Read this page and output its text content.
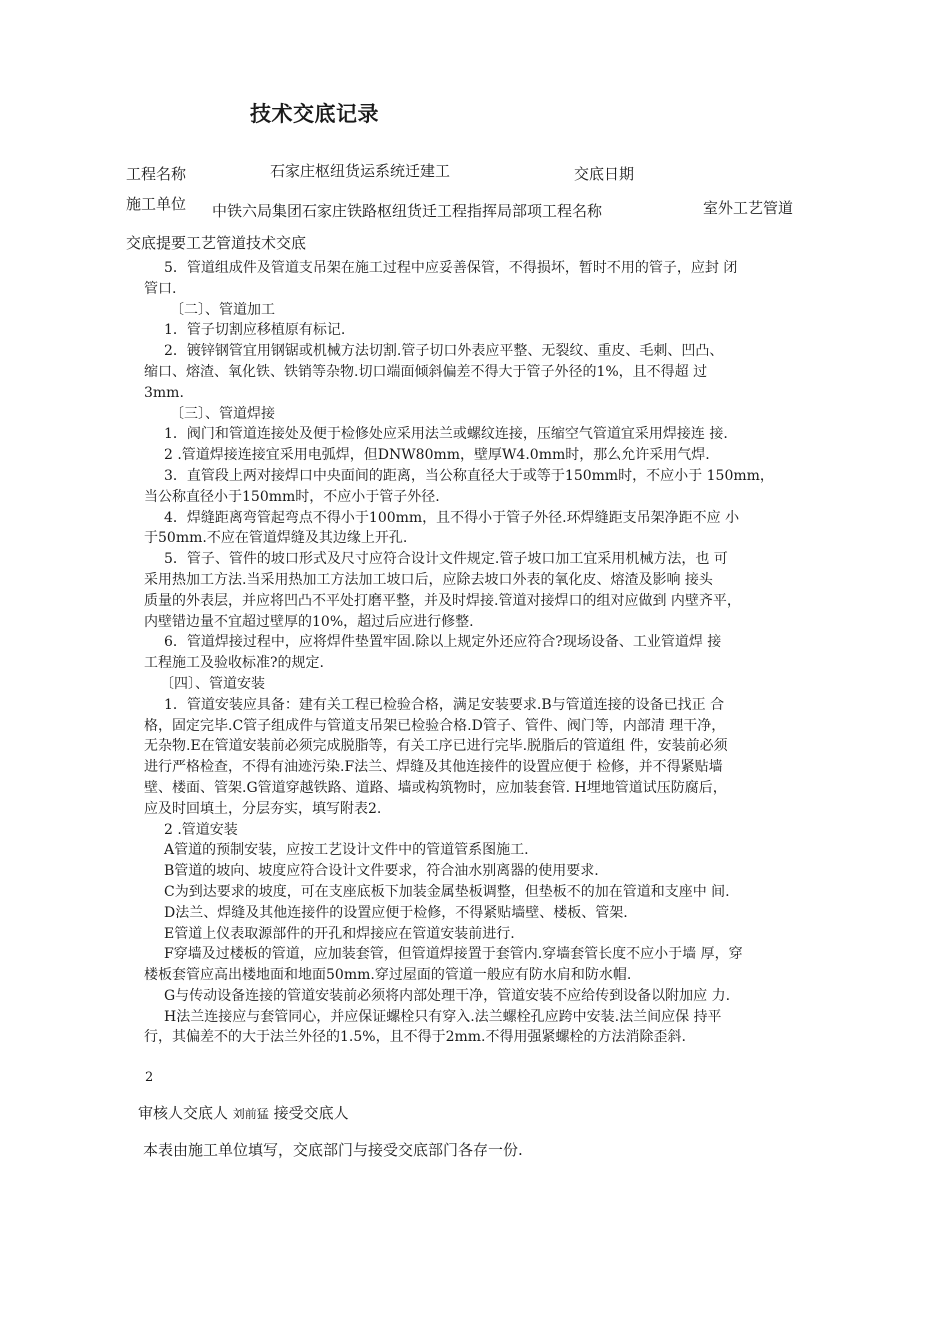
技术交底记录
工程名称	石家庄枢纽货运系统迁建工	交底日期
施工单位 中铁六局集团石家庄铁路枢纽货迁工程指挥局部项工程名称	室外工艺管道
交底提要工艺管道技术交底

5．管道组成件及管道支吊架在施工过程中应妥善保管，不得损坏，暂时不用的管子，应封 闭

管口.

〔二〕、管道加工

1．管子切割应移植原有标记.

2．镀锌钢管宜用钢锯或机械方法切割.管子切口外表应平整、无裂纹、重皮、毛刺、凹凸、

缩口、熔渣、氧化铁、铁销等杂物.切口端面倾斜偏差不得大于管子外径的1%，且不得超 过

3mm.

〔三〕、管道焊接

1．阀门和管道连接处及便于检修处应采用法兰或螺纹连接，压缩空气管道宜采用焊接连 接.

2 .管道焊接连接宜采用电弧焊，但DNW80mm，壁厚W4.0mm时，那么允许采用气焊.

3．直管段上两对接焊口中央面间的距离，当公称直径大于或等于150mm时，不应小于 150mm，

当公称直径小于150mm时，不应小于管子外径.

4．焊缝距离弯管起弯点不得小于100mm，且不得小于管子外径.环焊缝距支吊架净距不应 小

于50mm.不应在管道焊缝及其边缘上开孔.

5．管子、管件的坡口形式及尺寸应符合设计文件规定.管子坡口加工宜采用机械方法，也 可

采用热加工方法.当采用热加工方法加工坡口后，应除去坡口外表的氧化皮、熔渣及影响 接头

质量的外表层，并应将凹凸不平处打磨平整，并及时焊接.管道对接焊口的组对应做到 内壁齐平，

内壁错边量不宜超过壁厚的10%，超过后应进行修整.

6．管道焊接过程中，应将焊件垫置牢固.除以上规定外还应符合?现场设备、工业管道焊 接

工程施工及验收标准?的规定.

〔四〕、管道安装

1．管道安装应具备：建有关工程已检验合格，满足安装要求.B与管道连接的设备已找正 合

格，固定完毕.C管子组成件与管道支吊架已检验合格.D管子、管件、阀门等，内部清 理干净，

无杂物.E在管道安装前必须完成脱脂等，有关工序已进行完毕.脱脂后的管道组 件，安装前必须

进行严格检查，不得有油迹污染.F法兰、焊缝及其他连接件的设置应便于 检修，并不得紧贴墙

壁、楼面、管架.G管道穿越铁路、道路、墙或构筑物时，应加装套管. H埋地管道试压防腐后，

应及时回填土，分层夯实，填写附表2.

2 .管道安装

A管道的预制安装，应按工艺设计文件中的管道管系图施工.

B管道的坡向、坡度应符合设计文件要求，符合油水别离器的使用要求.

C为到达要求的坡度，可在支座底板下加装金属垫板调整，但垫板不的加在管道和支座中 间.

D法兰、焊缝及其他连接件的设置应便于检修，不得紧贴墙壁、楼板、管架.

E管道上仪表取源部件的开孔和焊接应在管道安装前进行.

F穿墙及过楼板的管道，应加装套管，但管道焊接置于套管内.穿墙套管长度不应小于墙 厚，穿

楼板套管应高出楼地面和地面50mm.穿过屋面的管道一般应有防水肩和防水帽.

G与传动设备连接的管道安装前必须将内部处理干净，管道安装不应给传到设备以附加应 力.

H法兰连接应与套管同心，并应保证螺栓只有穿入.法兰螺栓孔应跨中安装.法兰间应保 持平

行，其偏差不的大于法兰外径的1.5%，且不得于2mm.不得用强紧螺栓的方法消除歪斜.

2
审核人交底人 刘前猛 接受交底人
本表由施工单位填写，交底部门与接受交底部门各存一份.
